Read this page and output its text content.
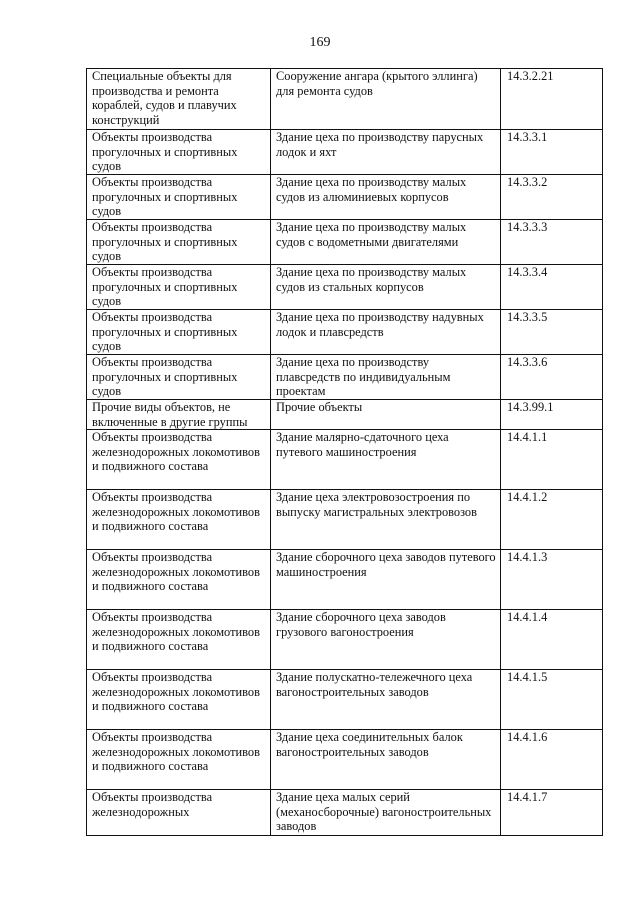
169
Специальные объекты для производства и ремонта кораблей, судов и плавучих конструкций	Сооружение ангара (крытого эллинга) для ремонта судов	14.3.2.21
Объекты производства прогулочных и спортивных судов	Здание цеха по производству парусных лодок и яхт	14.3.3.1
Объекты производства прогулочных и спортивных судов	Здание цеха по производству малых судов из алюминиевых корпусов	14.3.3.2
Объекты производства прогулочных и спортивных судов	Здание цеха по производству малых судов с водометными двигателями	14.3.3.3
Объекты производства прогулочных и спортивных судов	Здание цеха по производству малых судов из стальных корпусов	14.3.3.4
Объекты производства прогулочных и спортивных судов	Здание цеха по производству надувных лодок и плавсредств	14.3.3.5
Объекты производства прогулочных и спортивных судов	Здание цеха по производству плавсредств по индивидуальным проектам	14.3.3.6
Прочие виды объектов, не включенные в другие группы	Прочие объекты	14.3.99.1
Объекты производства железнодорожных локомотивов и подвижного состава	Здание малярно-сдаточного цеха путевого машиностроения	14.4.1.1
Объекты производства железнодорожных локомотивов и подвижного состава	Здание цеха электровозостроения по выпуску магистральных электровозов	14.4.1.2
Объекты производства железнодорожных локомотивов и подвижного состава	Здание сборочного цеха заводов путевого машиностроения	14.4.1.3
Объекты производства железнодорожных локомотивов и подвижного состава	Здание сборочного цеха заводов грузового вагоностроения	14.4.1.4
Объекты производства железнодорожных локомотивов и подвижного состава	Здание полускатно-тележечного цеха вагоностроительных заводов	14.4.1.5
Объекты производства железнодорожных локомотивов и подвижного состава	Здание цеха соединительных балок вагоностроительных заводов	14.4.1.6
Объекты производства железнодорожных	Здание цеха малых серий (механосборочные) вагоностроительных заводов	14.4.1.7
